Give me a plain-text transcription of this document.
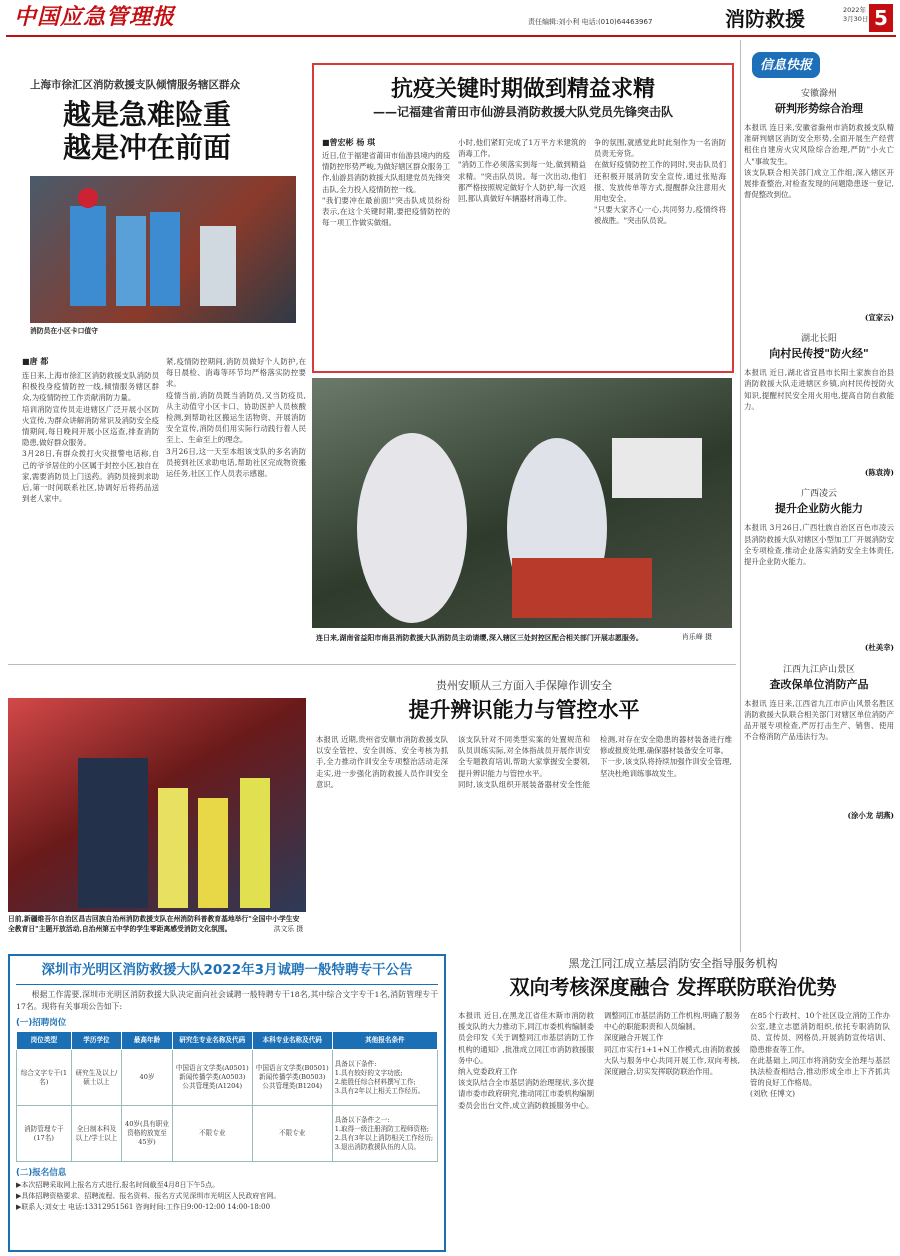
中国应急管理报	责任编辑:刘小利 电话:(010)64463967	消防救援	2022年
3月30日 5
上海市徐汇区消防救援支队倾情服务辖区群众
越是急难险重
越是冲在前面
消防员在小区卡口值守
■唐 都
连日来,上海市徐汇区消防救援支队消防员积极投身疫情防控一线,倾情服务辖区群众,为疫情防控工作贡献消防力量。
培训消防宣传员走进辖区广泛开展小区防火宣传,为群众讲解消防常识及消防安全疫情期间,每日晚间开展小区巡查,排查消防隐患,做好群众服务。
3月28日,有群众拨打火灾报警电话称,自己的爷爷居住的小区属于封控小区,独自在家,需要消防员上门送药。消防员接到求助后,第一时间联系社区,协调好后将药品送到老人家中。
紧,疫情防控期间,消防员做好个人防护,在每日晨检、消毒等环节均严格落实防控要求。
疫情当前,消防员既当消防员,又当防疫员,从主动值守小区卡口、协助医护人员核酸检测,到帮助社区搬运生活物资、开展消防安全宣传,消防员们用实际行动践行着人民至上、生命至上的理念。
3月26日,这一天至本组该支队的多名消防员接到社区求助电话,帮助社区完成物资搬运任务,社区工作人员表示感谢。
抗疫关键时期做到精益求精
——记福建省莆田市仙游县消防救援大队党员先锋突击队
■曾宏彬 杨 琪
近日,位于福建省莆田市仙游县境内的疫情防控形势严峻,为做好辖区群众服务工作,仙游县消防救援大队组建党员先锋突击队,全力投入疫情防控一线。
"我们要冲在最前面!"突击队成员纷纷表示,在这个关键时期,要把疫情防控的每一项工作做实做细。
小时,他们紧盯完成了1万平方米建筑的消毒工作。
"消防工作必须落实到每一处,做到精益求精。"突击队员说。每一次出动,他们都严格按照规定做好个人防护,每一次返回,都认真做好车辆器材消毒工作。
争的氛围,就感觉此时此刻作为一名消防员责无旁贷。
在做好疫情防控工作的同时,突击队员们还积极开展消防安全宣传,通过张贴海报、发放传单等方式,提醒群众注意用火用电安全。
"只要大家齐心一心,共同努力,疫情终将被战胜。"突击队员说。
连日来,湖南省益阳市南县消防救援大队消防员主动请缨,深入辖区三处封控区配合相关部门开展志愿服务。	肖乐峰 摄
日前,新疆维吾尔自治区昌吉回族自治州消防救援支队在州消防科普教育基地举行"全国中小学生安全教育日"主题开放活动,自治州第五中学的学生零距离感受消防文化氛围。	洪文乐 摄
贵州安顺从三方面入手保障作训安全
提升辨识能力与管控水平
本报讯 近期,贵州省安顺市消防救援支队以安全管控、安全训练、安全考核为抓手,全力推动作训安全专项整治活动走深走实,进一步强化消防救援人员作训安全意识。
该支队针对不同类型实案的处置规范和队员训练实际,对全体指战员开展作训安全专题教育培训,帮助大家掌握安全要领,提升辨识能力与管控水平。
同时,该支队组织开展装备器材安全性能检测,对存在安全隐患的器材装备进行维修或报废处理,确保器材装备安全可靠。
下一步,该支队将持续加强作训安全管理,坚决杜绝训练事故发生。
信息快报
安徽滁州
研判形势综合治理
本报讯 连日来,安徽省滁州市消防救援支队精准研判辖区消防安全形势,全面开展生产经营租住自建房火灾风险综合治理,严防"小火亡人"事故发生。
该支队联合相关部门成立工作组,深入辖区开展排查整治,对检查发现的问题隐患逐一登记,督促整改到位。
(宣家云)
湖北长阳
向村民传授"防火经"
本报讯 近日,湖北省宜昌市长阳土家族自治县消防救援大队走进辖区乡镇,向村民传授防火知识,提醒村民安全用火用电,提高自防自救能力。
(陈袁涛)
广西凌云
提升企业防火能力
本报讯 3月26日,广西壮族自治区百色市凌云县消防救援大队对辖区小型加工厂开展消防安全专项检查,推动企业落实消防安全主体责任,提升企业防火能力。
(杜美幸)
江西九江庐山景区
查改保单位消防产品
本报讯 连日来,江西省九江市庐山风景名胜区消防救援大队联合相关部门对辖区单位消防产品开展专项检查,严厉打击生产、销售、使用不合格消防产品违法行为。
(涂小龙 胡燕)
深圳市光明区消防救援大队2022年3月诚聘一般特聘专干公告
根据工作需要,深圳市光明区消防救援大队决定面向社会诚聘一般特聘专干18名,其中综合文字专干1名,消防管理专干17名。现将有关事项公告如下:
(一)招聘岗位
岗位类型	学历学位	最高年龄	研究生专业名称及代码	本科专业名称及代码	其他报名条件
综合文字专干(1名)	研究生及以上/硕士以上	40岁	中国语言文学类(A0501)
新闻传播学类(A0503)
公共管理类(A1204)	中国语言文学类(B0501)
新闻传播学类(B0503)
公共管理类(B1204)	具备以下条件:
1.具有较好的文字功底;
2.能胜任综合材料撰写工作;
3.具有2年以上相关工作经历。
消防管理专干(17名)	全日制本科及以上/学士以上	40岁(具有职业资格的放宽至45岁)	不限专业	不限专业	具备以下条件之一:
1.取得一级注册消防工程师资格;
2.具有3年以上消防相关工作经历;
3.退出消防救援队伍的人员。
(二)报名信息
▶本次招聘采取网上报名方式进行,报名时间截至4月8日下午5点。
▶具体招聘资格要求、招聘流程、报名资料、报名方式见深圳市光明区人民政府官网。
▶联系人:刘女士 电话:13312951561 咨询时间:工作日9:00-12:00 14:00-18:00
黑龙江同江成立基层消防安全指导服务机构
双向考核深度融合 发挥联防联治优势
本报讯 近日,在黑龙江省佳木斯市消防救援支队的大力推动下,同江市委机构编制委员会印发《关于调整同江市基层消防工作机构的通知》,批准成立同江市消防救援服务中心。
纳入党委政府工作
该支队结合全市基层消防治理现状,多次提请市委市政府研究,推动同江市委机构编制委员会出台文件,成立消防救援服务中心。
调整同江市基层消防工作机构,明确了服务中心的职能职责和人员编制。
深度融合开展工作
同江市实行1+1+N工作模式,由消防救援大队与服务中心共同开展工作,双向考核,深度融合,切实发挥联防联治作用。
在85个行政村、10个社区设立消防工作办公室,建立志愿消防组织,依托专职消防队员、宣传员、网格员,开展消防宣传培训、隐患排查等工作。
在此基础上,同江市将消防安全治理与基层执法检查相结合,推动形成全市上下齐抓共管的良好工作格局。
(刘欣 任博文)
